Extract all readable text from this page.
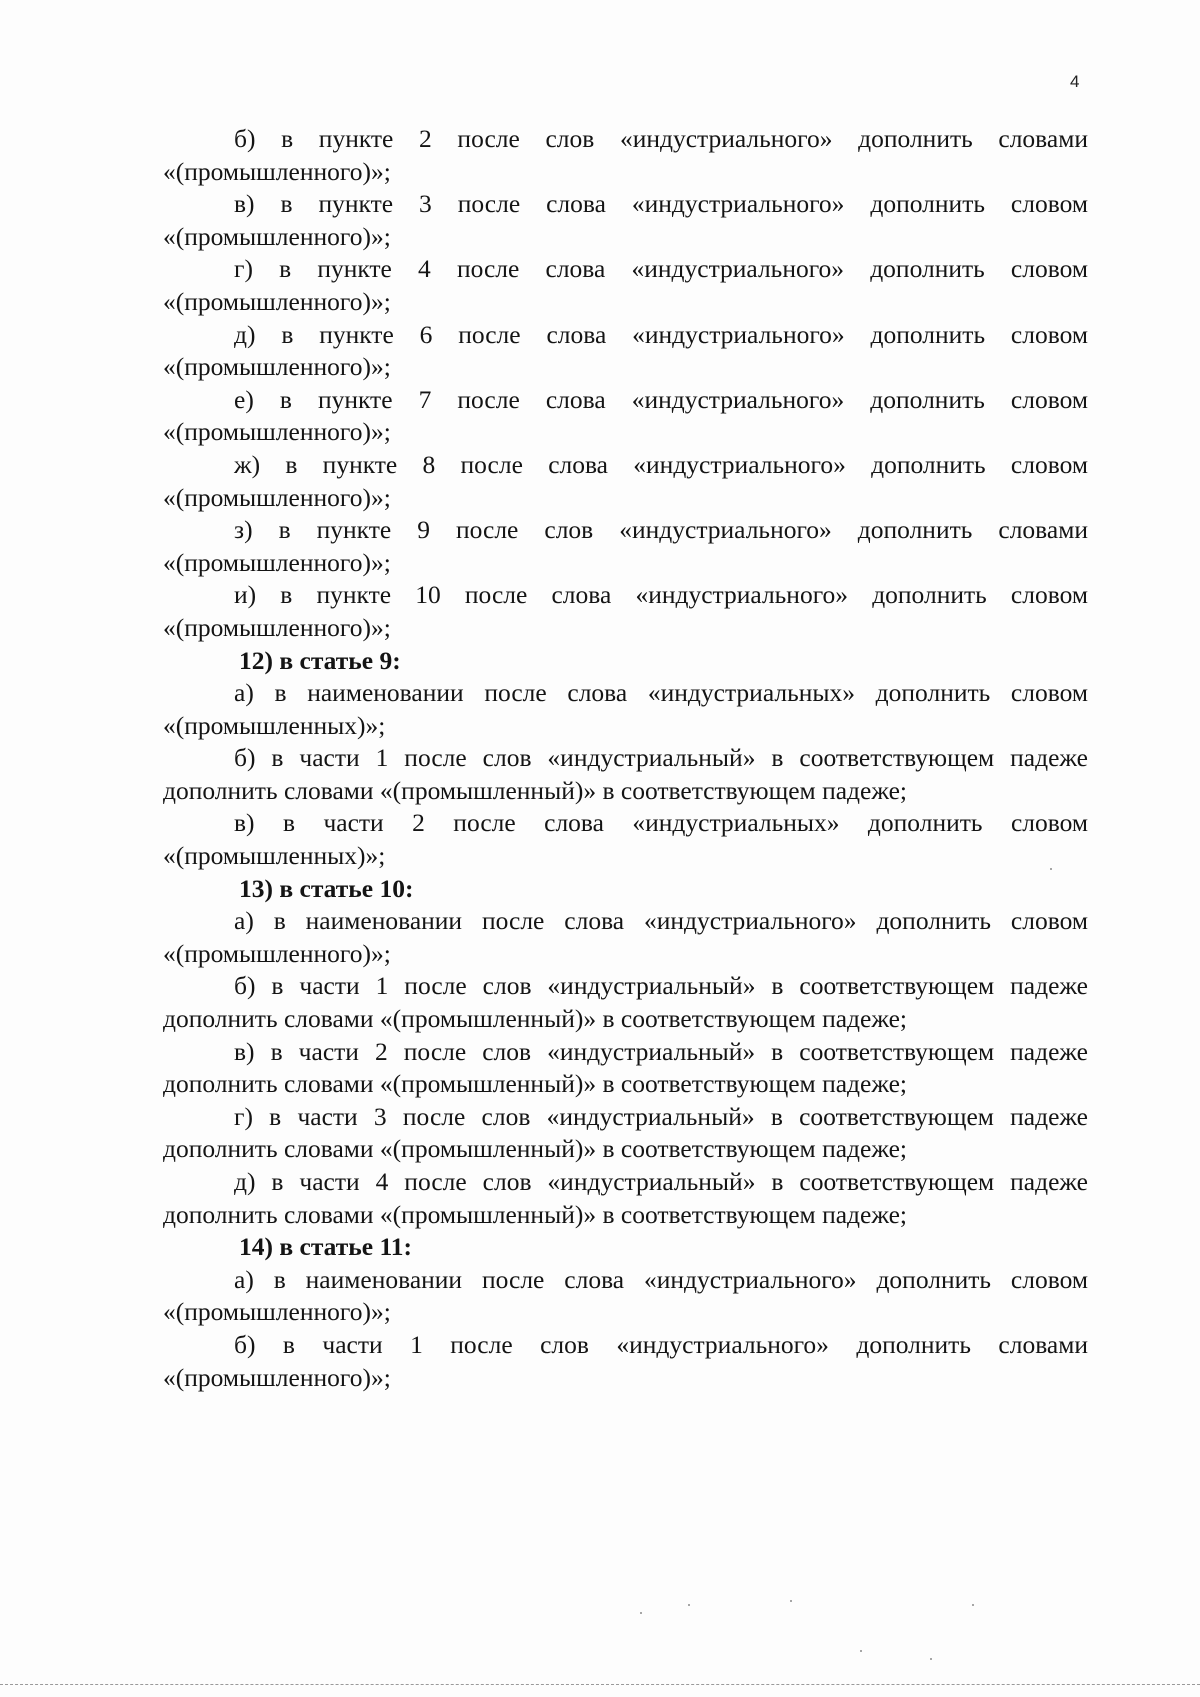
4

б) в пункте 2 после слов «индустриального» дополнить словами «(промышленного)»;

в) в пункте 3 после слова «индустриального» дополнить словом «(промышленного)»;

г) в пункте 4 после слова «индустриального» дополнить словом «(промышленного)»;

д) в пункте 6 после слова «индустриального» дополнить словом «(промышленного)»;

е) в пункте 7 после слова «индустриального» дополнить словом «(промышленного)»;

ж) в пункте 8 после слова «индустриального» дополнить словом «(промышленного)»;

з) в пункте 9 после слов «индустриального» дополнить словами «(промышленного)»;

и) в пункте 10 после слова «индустриального» дополнить словом «(промышленного)»;

12) в статье 9:

а) в наименовании после слова «индустриальных» дополнить словом «(промышленных)»;

б) в части 1 после слов «индустриальный» в соответствующем падеже дополнить словами «(промышленный)» в соответствующем падеже;

в) в части 2 после слова «индустриальных» дополнить словом «(промышленных)»;

13) в статье 10:

а) в наименовании после слова «индустриального» дополнить словом «(промышленного)»;

б) в части 1 после слов «индустриальный» в соответствующем падеже дополнить словами «(промышленный)» в соответствующем падеже;

в) в части 2 после слов «индустриальный» в соответствующем падеже дополнить словами «(промышленный)» в соответствующем падеже;

г) в части 3 после слов «индустриальный» в соответствующем падеже дополнить словами «(промышленный)» в соответствующем падеже;

д) в части 4 после слов «индустриальный» в соответствующем падеже дополнить словами «(промышленный)» в соответствующем падеже;

14) в статье 11:

а) в наименовании после слова «индустриального» дополнить словом «(промышленного)»;

б) в части 1 после слов «индустриального» дополнить словами «(промышленного)»;
